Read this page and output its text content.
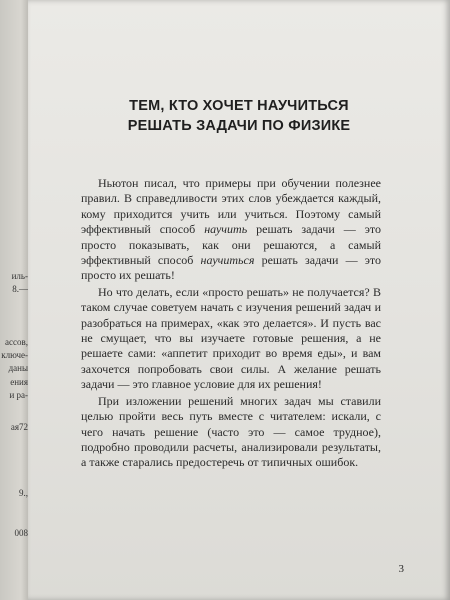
иль-
8.—
ассов,
ключе-
даны
ения
и ра-
ая72
9.,
008
ТЕМ, КТО ХОЧЕТ НАУЧИТЬСЯ
РЕШАТЬ ЗАДАЧИ ПО ФИЗИКЕ

Ньютон писал, что примеры при обучении полезнее правил. В справедливости этих слов убеждается каждый, кому приходится учить или учиться. Поэтому самый эффективный способ научить решать задачи — это просто показывать, как они решаются, а самый эффективный способ научиться решать задачи — это просто их решать!

Но что делать, если «просто решать» не получается? В таком случае советуем начать с изучения решений задач и разобраться на примерах, «как это делается». И пусть вас не смущает, что вы изучаете готовые решения, а не решаете сами: «аппетит приходит во время еды», и вам захочется попробовать свои силы. А желание решать задачи — это главное условие для их решения!

При изложении решений многих задач мы ставили целью пройти весь путь вместе с читателем: искали, с чего начать решение (часто это — самое трудное), подробно проводили расчеты, анализировали результаты, а также старались предостеречь от типичных ошибок.

3
